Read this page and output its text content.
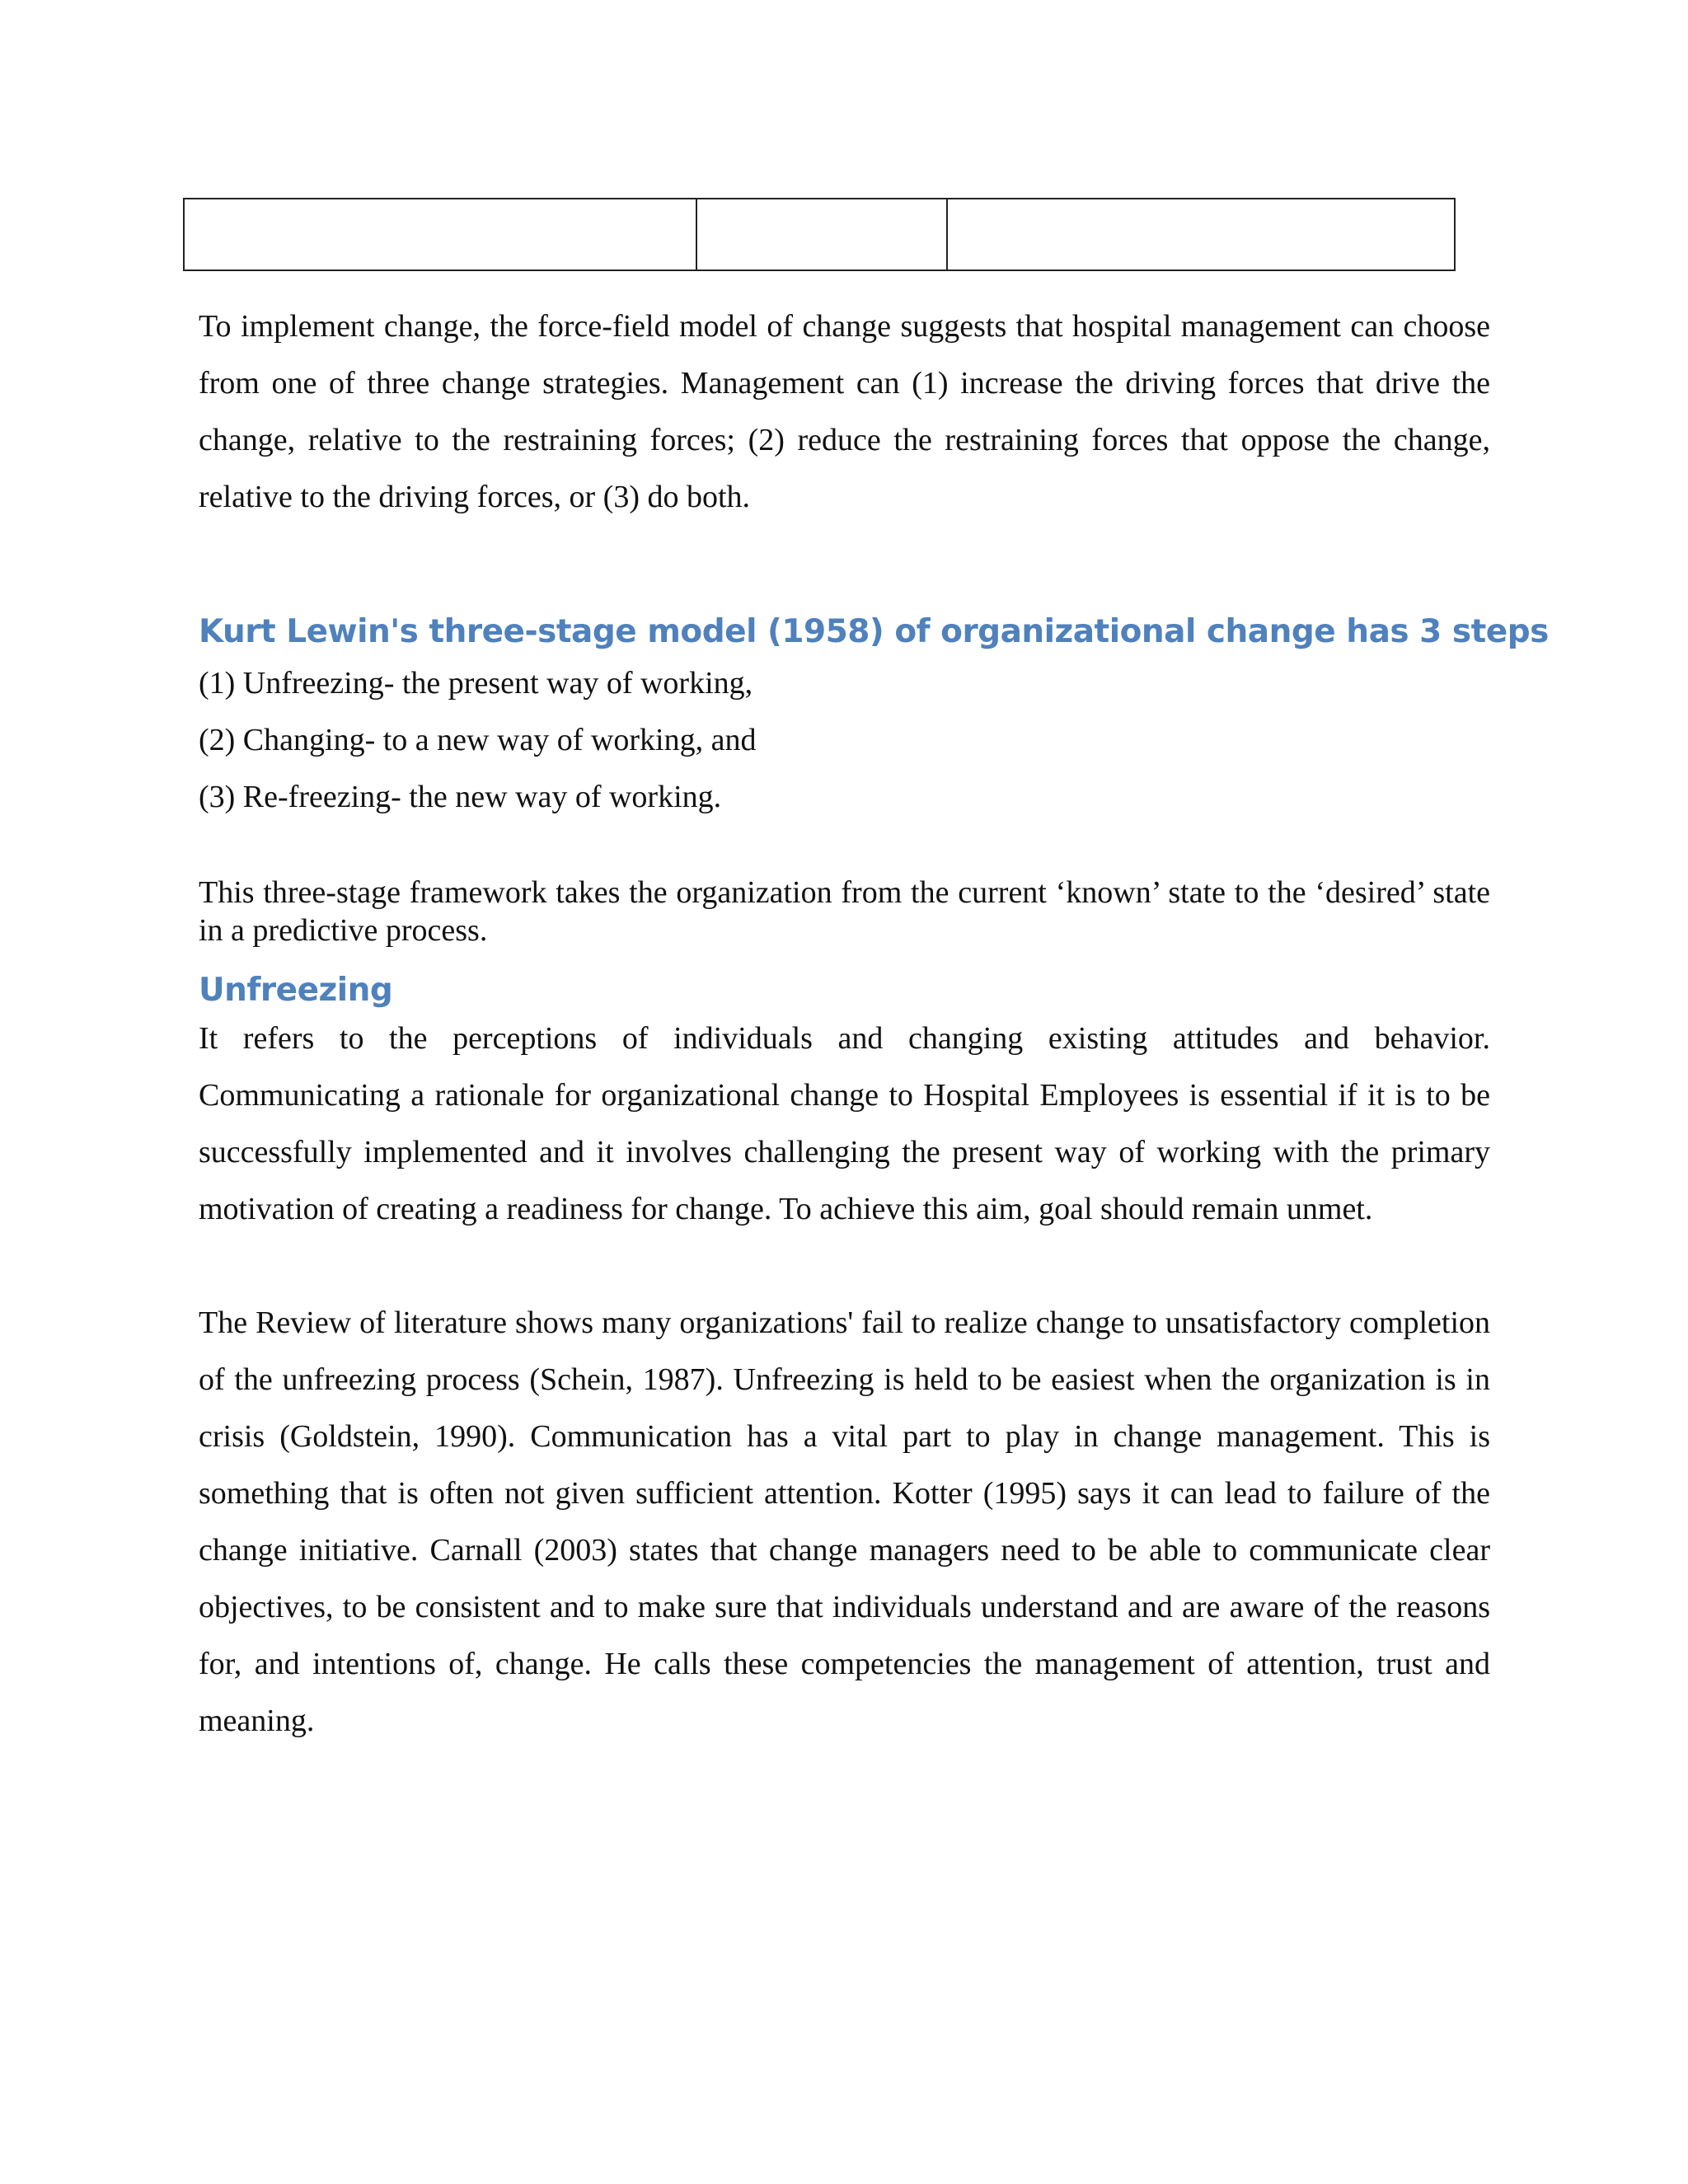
To implement change, the force-field model of change suggests that hospital management can choose from one of three change strategies. Management can (1) increase the driving forces that drive the change, relative to the restraining forces; (2) reduce the restraining forces that oppose the change, relative to the driving forces, or (3) do both.

Kurt Lewin's three-stage model (1958) of organizational change has 3 steps
(1) Unfreezing- the present way of working,
(2) Changing- to a new way of working, and
(3) Re-freezing- the new way of working.

This three-stage framework takes the organization from the current ‘known’ state to the ‘desired’ state in a predictive process.

Unfreezing

It refers to the perceptions of individuals and changing existing attitudes and behavior. Communicating a rationale for organizational change to Hospital Employees is essential if it is to be successfully implemented and it involves challenging the present way of working with the primary motivation of creating a readiness for change. To achieve this aim, goal should remain unmet.

The Review of literature shows many organizations' fail to realize change to unsatisfactory completion of the unfreezing process (Schein, 1987). Unfreezing is held to be easiest when the organization is in crisis (Goldstein, 1990). Communication has a vital part to play in change management. This is something that is often not given sufficient attention. Kotter (1995) says it can lead to failure of the change initiative. Carnall (2003) states that change managers need to be able to communicate clear objectives, to be consistent and to make sure that individuals understand and are aware of the reasons for, and intentions of, change. He calls these competencies the management of attention, trust and meaning.
